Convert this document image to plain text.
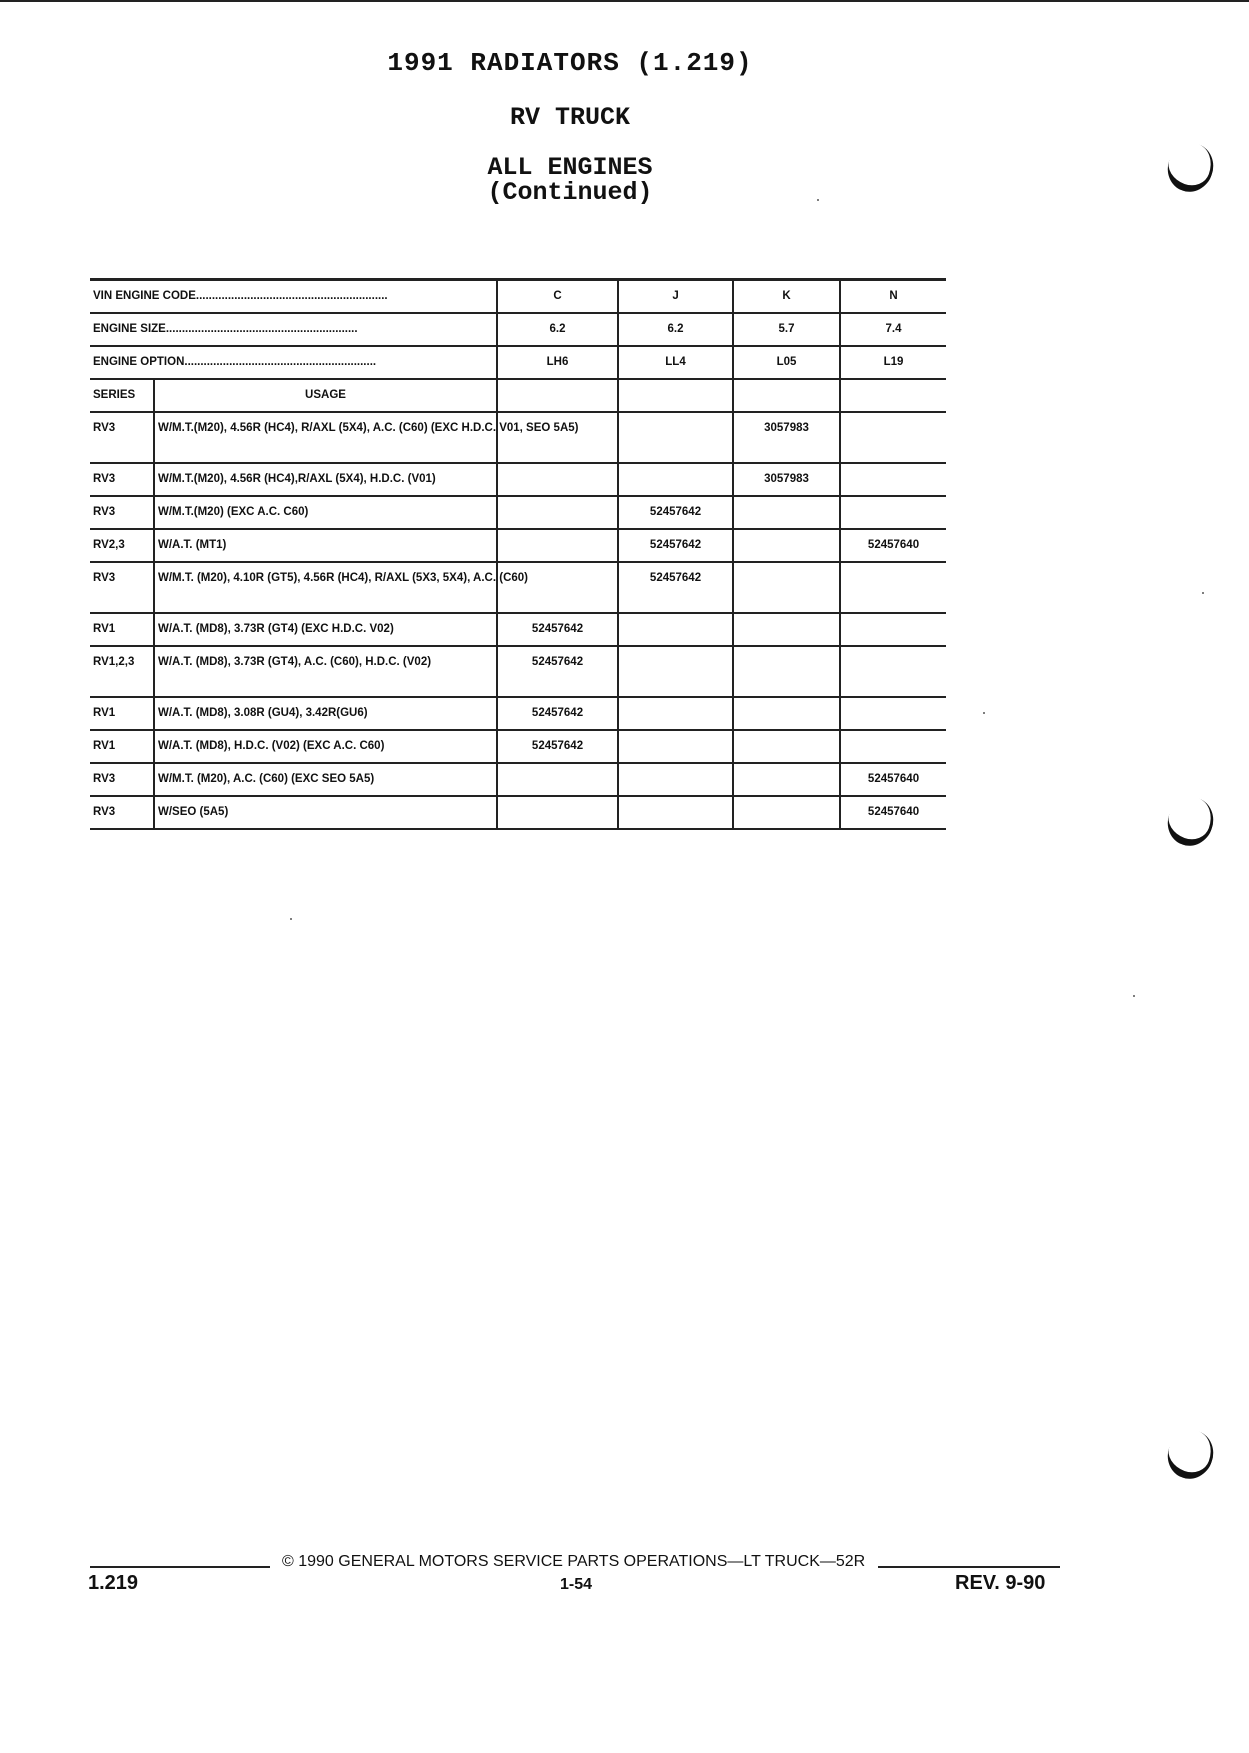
1991 RADIATORS (1.219)
RV TRUCK
ALL ENGINES
(Continued)
VIN ENGINE CODE............................................................		C	J	K	N
ENGINE SIZE............................................................		6.2	6.2	5.7	7.4
ENGINE OPTION............................................................		LH6	LL4	L05	L19
SERIES	USAGE				
RV3	W/M.T.(M20), 4.56R (HC4), R/AXL (5X4), A.C. (C60) (EXC H.D.C. V01, SEO 5A5)			3057983	
RV3	W/M.T.(M20), 4.56R (HC4),R/AXL (5X4), H.D.C. (V01)			3057983	
RV3	W/M.T.(M20) (EXC A.C. C60)		52457642		
RV2,3	W/A.T. (MT1)		52457642		52457640
RV3	W/M.T. (M20), 4.10R (GT5), 4.56R (HC4), R/AXL (5X3, 5X4), A.C. (C60)		52457642		
RV1	W/A.T. (MD8), 3.73R (GT4) (EXC H.D.C. V02)	52457642			
RV1,2,3	W/A.T. (MD8), 3.73R (GT4), A.C. (C60), H.D.C. (V02)	52457642			
RV1	W/A.T. (MD8), 3.08R (GU4), 3.42R(GU6)	52457642			
RV1	W/A.T. (MD8), H.D.C. (V02) (EXC A.C. C60)	52457642			
RV3	W/M.T. (M20), A.C. (C60) (EXC SEO 5A5)				52457640
RV3	W/SEO (5A5)				52457640
© 1990 GENERAL MOTORS SERVICE PARTS OPERATIONS—LT TRUCK—52R
1.219	1-54	REV. 9-90
